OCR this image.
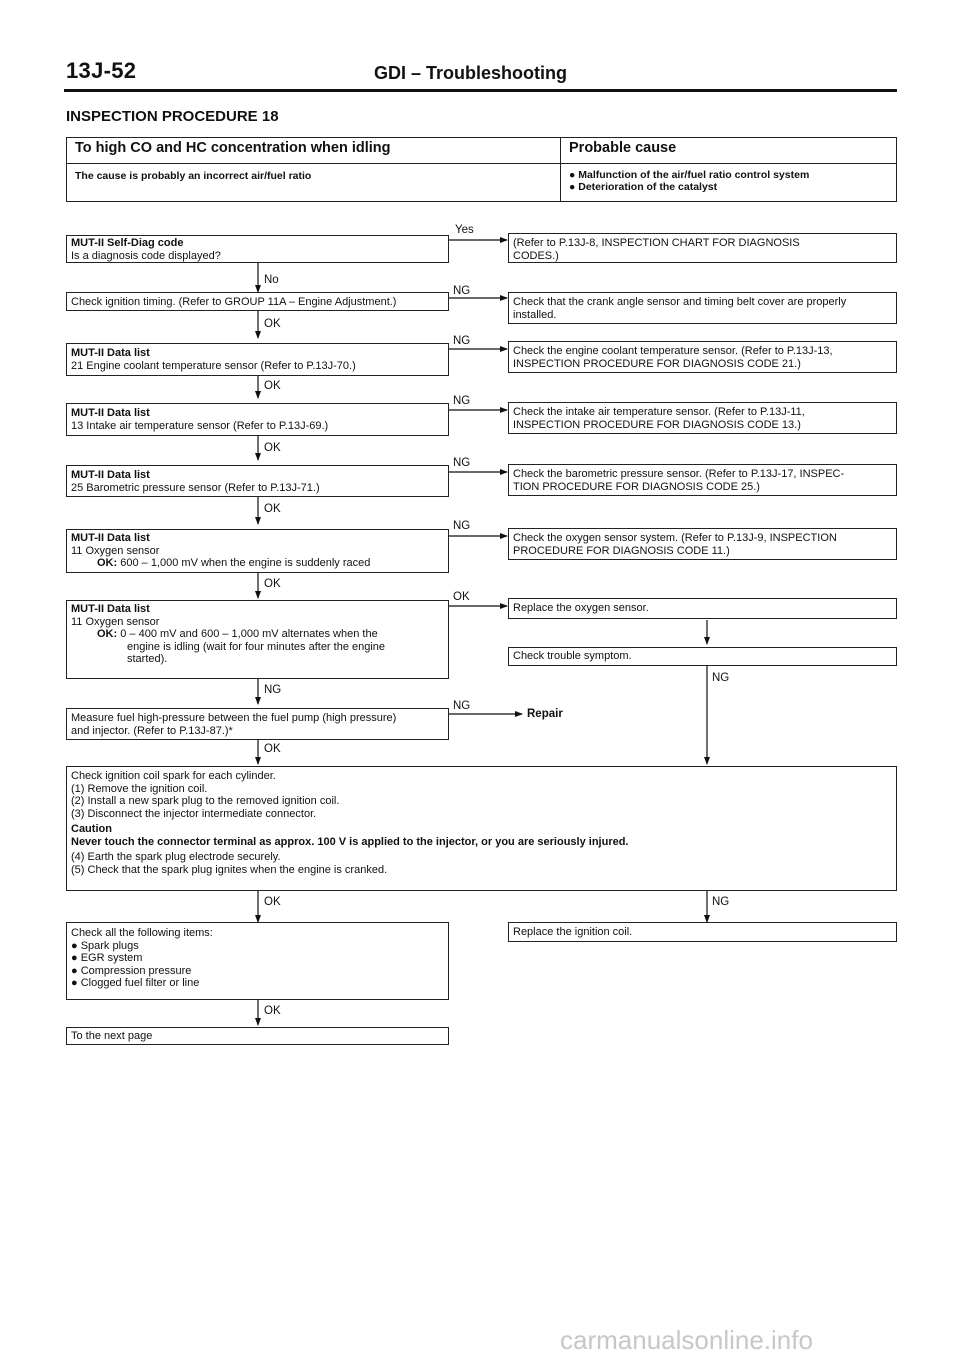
13J-52	GDI – Troubleshooting
INSPECTION PROCEDURE 18
To high CO and HC concentration when idling	Probable cause
The cause is probably an incorrect air/fuel ratio	● Malfunction of the air/fuel ratio control system
● Deterioration of the catalyst
Yes
No
NG
OK
NG
OK
NG
OK
NG
OK
NG
OK
OK
NG
NG
NG
OK
OK	NG
OK
MUT-II Self-Diag code
Is a diagnosis code displayed?
Check ignition timing. (Refer to GROUP 11A – Engine Adjustment.)
MUT-II Data list
21 Engine coolant temperature sensor (Refer to P.13J-70.)
MUT-II Data list
13 Intake air temperature sensor (Refer to P.13J-69.)
MUT-II Data list
25 Barometric pressure sensor (Refer to P.13J-71.)
MUT-II Data list
11 Oxygen sensor
OK: 600 – 1,000 mV when the engine is suddenly raced
MUT-II Data list
11 Oxygen sensor
OK: 0 – 400 mV and 600 – 1,000 mV alternates when the
engine is idling (wait for four minutes after the engine
started).
Measure fuel high-pressure between the fuel pump (high pressure)
and injector. (Refer to P.13J-87.)*
(Refer to P.13J-8, INSPECTION CHART FOR DIAGNOSIS
CODES.)
Check that the crank angle sensor and timing belt cover are properly
installed.
Check the engine coolant temperature sensor. (Refer to P.13J-13,
INSPECTION PROCEDURE FOR DIAGNOSIS CODE 21.)
Check the intake air temperature sensor. (Refer to P.13J-11,
INSPECTION PROCEDURE FOR DIAGNOSIS CODE 13.)
Check the barometric pressure sensor. (Refer to P.13J-17, INSPEC-
TION PROCEDURE FOR DIAGNOSIS CODE 25.)
Check the oxygen sensor system. (Refer to P.13J-9, INSPECTION
PROCEDURE FOR DIAGNOSIS CODE 11.)
Replace the oxygen sensor.
Check trouble symptom.
Repair
Check ignition coil spark for each cylinder.
(1) Remove the ignition coil.
(2) Install a new spark plug to the removed ignition coil.
(3) Disconnect the injector intermediate connector.
Caution
Never touch the connector terminal as approx. 100 V is applied to the injector, or you are seriously injured.
(4) Earth the spark plug electrode securely.
(5) Check that the spark plug ignites when the engine is cranked.
Check all the following items:
● Spark plugs
● EGR system
● Compression pressure
● Clogged fuel filter or line
Replace the ignition coil.
To the next page
carmanualsonline.info
